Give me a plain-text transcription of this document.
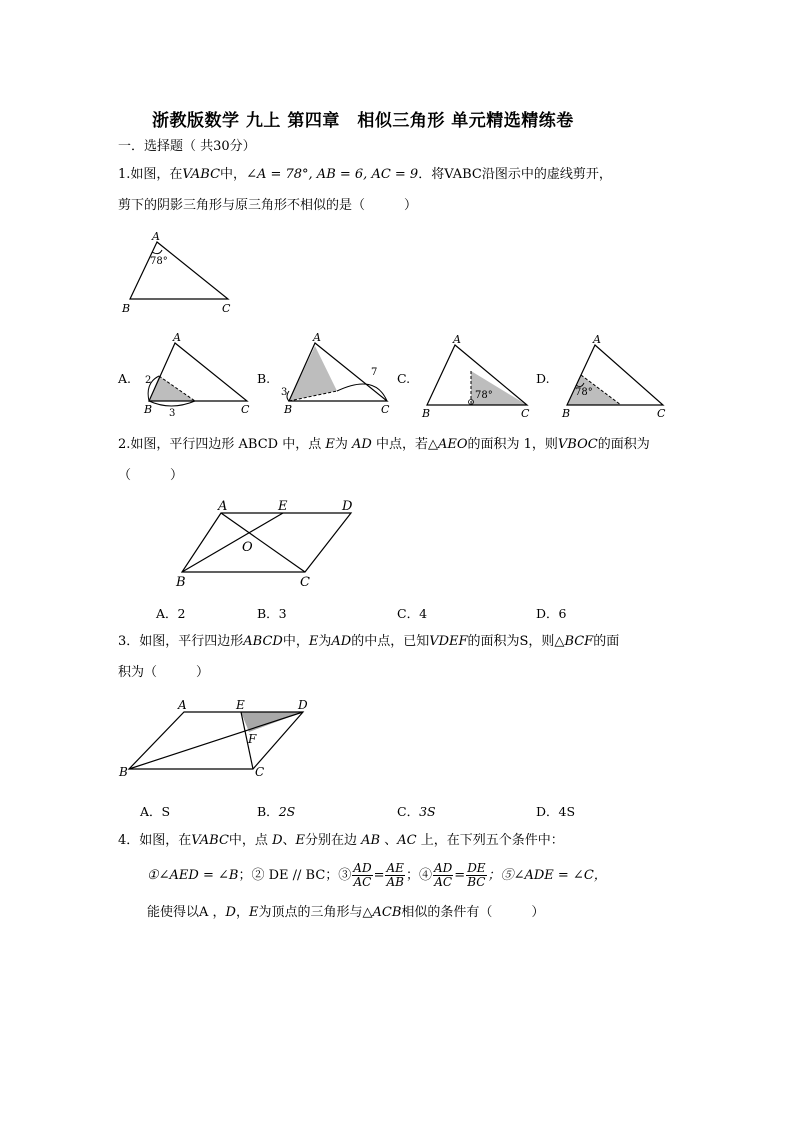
浙教版数学 九上 第四章　相似三角形 单元精选精练卷
一．选择题（ 共30分）
1.如图，在VABC中，∠A = 78°, AB = 6, AC = 9．将VABC沿图示中的虚线剪开，
剪下的阴影三角形与原三角形不相似的是（　　　）
A
78°
B	C
A.
A
2
3
B	C
B.
A
3
7
B	C
C.
A
78°
B	C
D.
A
78°
B	C
2.如图，平行四边形 ABCD 中，点 E为 AD 中点，若△AEO的面积为 1，则VBOC的面积为
（　　　）
A	E	D
O
B	C
A．2	B．3	C．4	D．6
3．如图，平行四边形ABCD中，E为AD的中点，已知VDEF的面积为S，则△BCF的面
积为（　　　）
A	E	D
F
B	C
A．S	B．2S	C．3S	D．4S
4．如图，在VABC中，点 D、E分别在边 AB 、AC 上，在下列五个条件中：
①∠AED = ∠B；② DE // BC；③ $\frac{AD}{AC} = \frac{AE}{AB}$ ；④ $\frac{AD}{AC} = \frac{DE}{BC}$ ；⑤∠ADE = ∠C，
能使得以A ，D，E为顶点的三角形与△ACB相似的条件有（　　　）
